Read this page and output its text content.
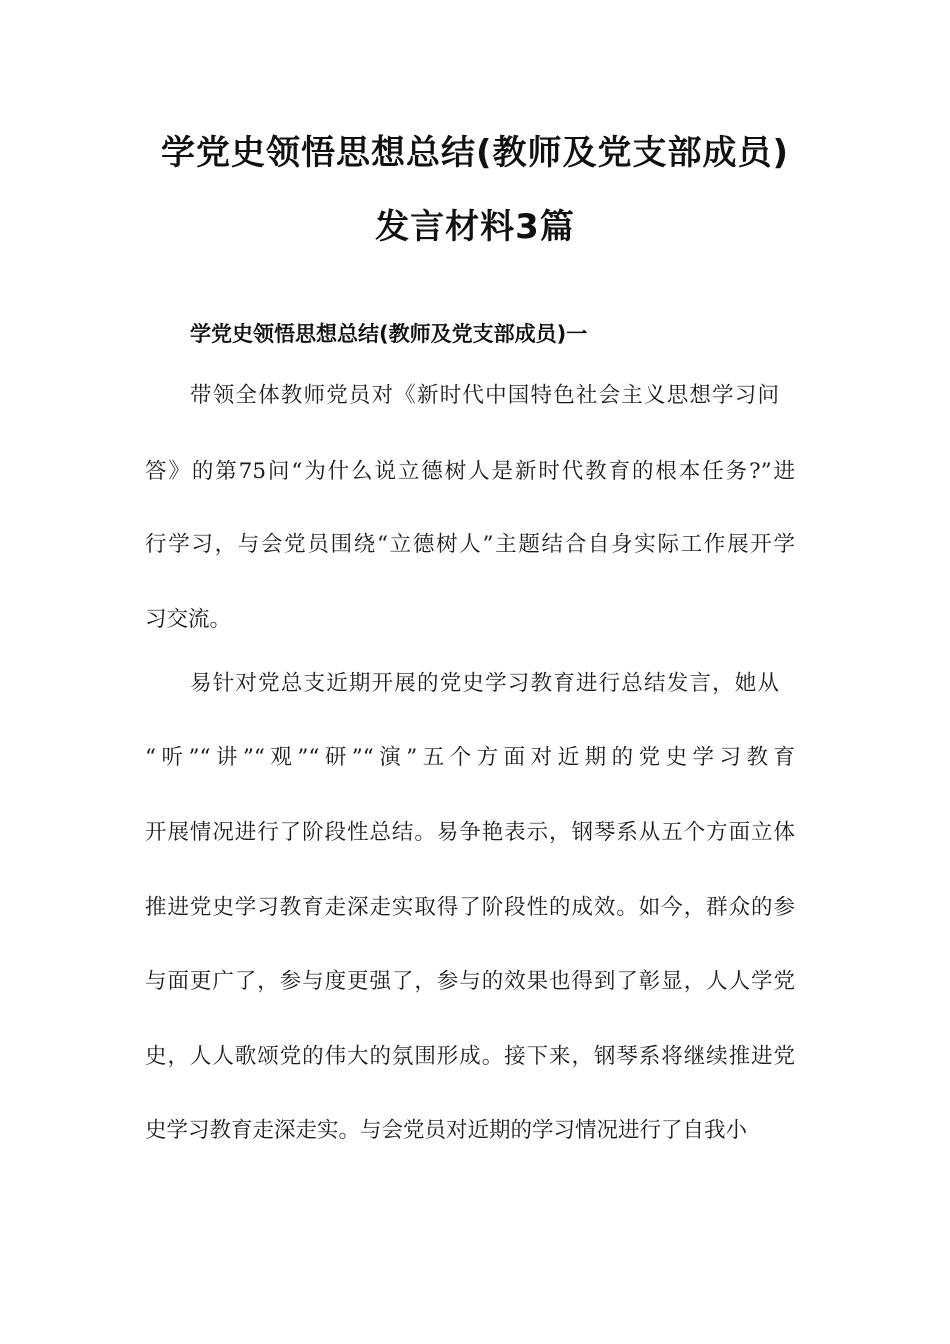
学党史领悟思想总结(教师及党支部成员)
发言材料3篇
学党史领悟思想总结(教师及党支部成员)一
带领全体教师党员对《新时代中国特色社会主义思想学习问
答》的第75问“为什么说立德树人是新时代教育的根本任务?”进
行学习，与会党员围绕“立德树人”主题结合自身实际工作展开学
习交流。
易针对党总支近期开展的党史学习教育进行总结发言，她从
“听”“讲”“观”“研”“演”五个方面对近期的党史学习教育
开展情况进行了阶段性总结。易争艳表示，钢琴系从五个方面立体
推进党史学习教育走深走实取得了阶段性的成效。如今，群众的参
与面更广了，参与度更强了，参与的效果也得到了彰显，人人学党
史，人人歌颂党的伟大的氛围形成。接下来，钢琴系将继续推进党
史学习教育走深走实。与会党员对近期的学习情况进行了自我小
